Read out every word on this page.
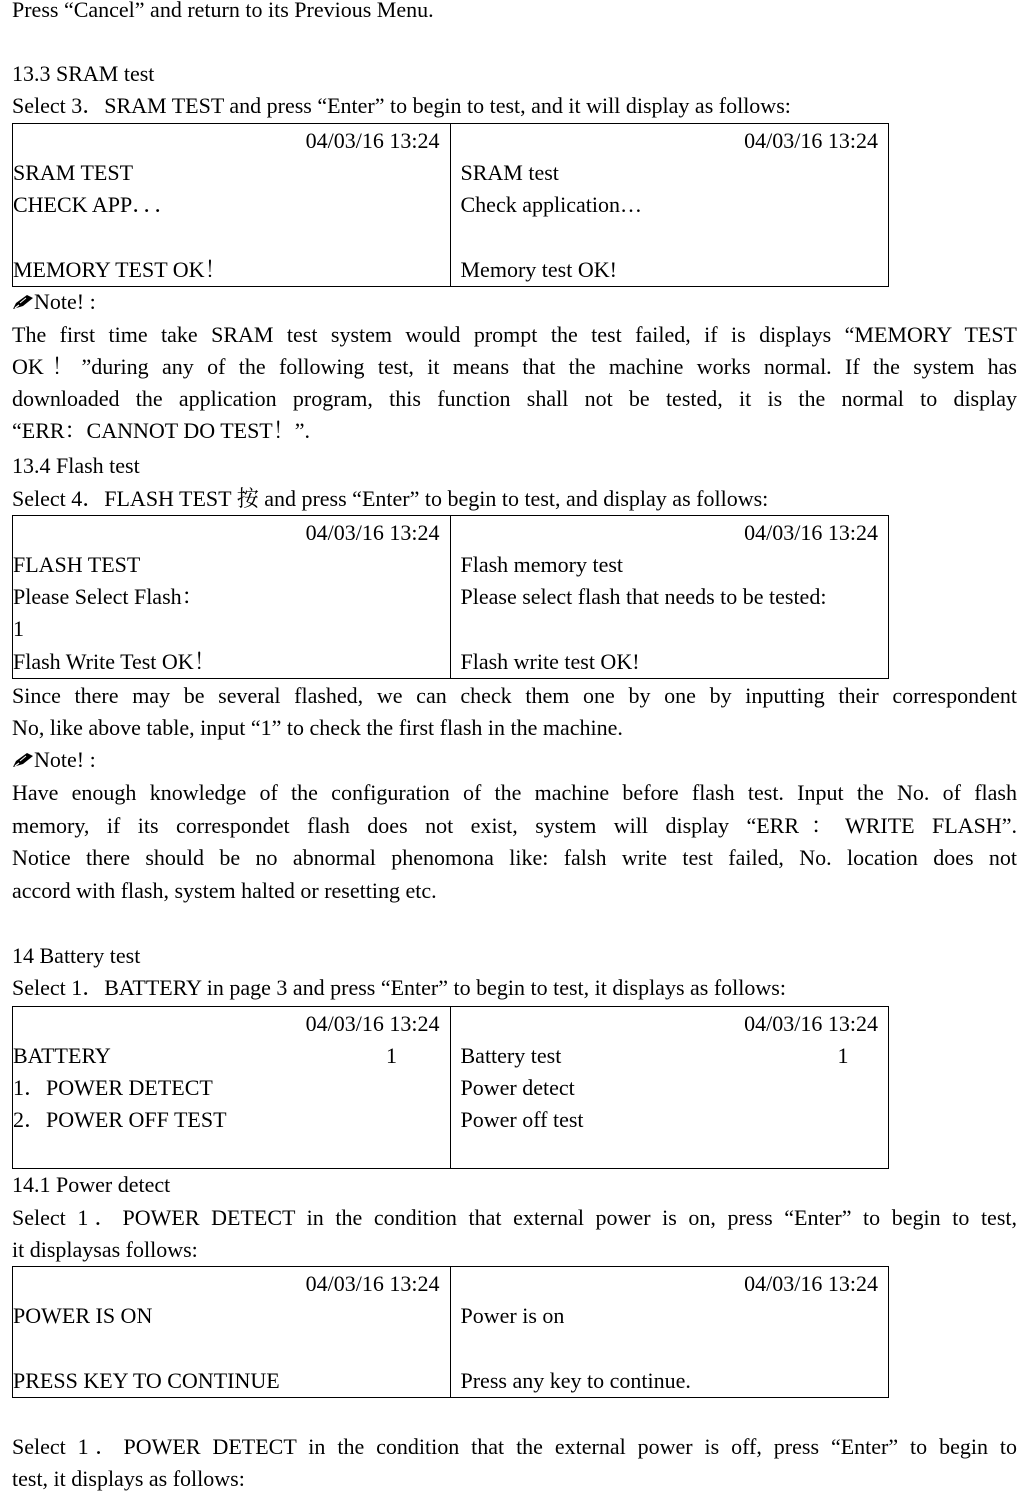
Press “Cancel” and return to its Previous Menu.
13.3 SRAM test
Select 3．SRAM TEST and press “Enter” to begin to test, and it will display as follows:
04/03/16 13:24
SRAM TEST
CHECK APP．．．
MEMORY TEST OK！
04/03/16 13:24
SRAM test
Check application…
Memory test OK!
Note! :
The first time take SRAM test system would prompt the test failed, if is displays “MEMORY TEST
OK！”during any of the following test, it means that the machine works normal. If the system has
downloaded the application program, this function shall not be tested, it is the normal to display
“ERR：CANNOT DO TEST！”.
13.4 Flash test
Select 4．FLASH TEST 按 and press “Enter” to begin to test, and display as follows:
04/03/16 13:24
FLASH TEST
Please Select Flash：
1
Flash Write Test OK！
04/03/16 13:24
Flash memory test
Please select flash that needs to be tested:
Flash write test OK!
Since there may be several flashed, we can check them one by one by inputting their correspondent
No, like above table, input “1” to check the first flash in the machine.
Note! :
Have enough knowledge of the configuration of the machine before flash test. Input the No. of flash
memory, if its correspondet flash does not exist, system will display “ERR：WRITE FLASH”.
Notice there should be no abnormal phenomona like: falsh write test failed, No. location does not
accord with flash, system halted or resetting etc.
14 Battery test
Select 1．BATTERY in page 3 and press “Enter” to begin to test, it displays as follows:
04/03/16 13:24
BATTERY	1
1．POWER DETECT
2．POWER OFF TEST
04/03/16 13:24
Battery test	1
Power detect
Power off test
14.1 Power detect
Select 1．POWER DETECT in the condition that external power is on, press “Enter” to begin to test,
it displaysas follows:
04/03/16 13:24
POWER IS ON
PRESS KEY TO CONTINUE
04/03/16 13:24
Power is on
Press any key to continue.
Select 1．POWER DETECT in the condition that the external power is off, press “Enter” to begin to
test, it displays as follows:
